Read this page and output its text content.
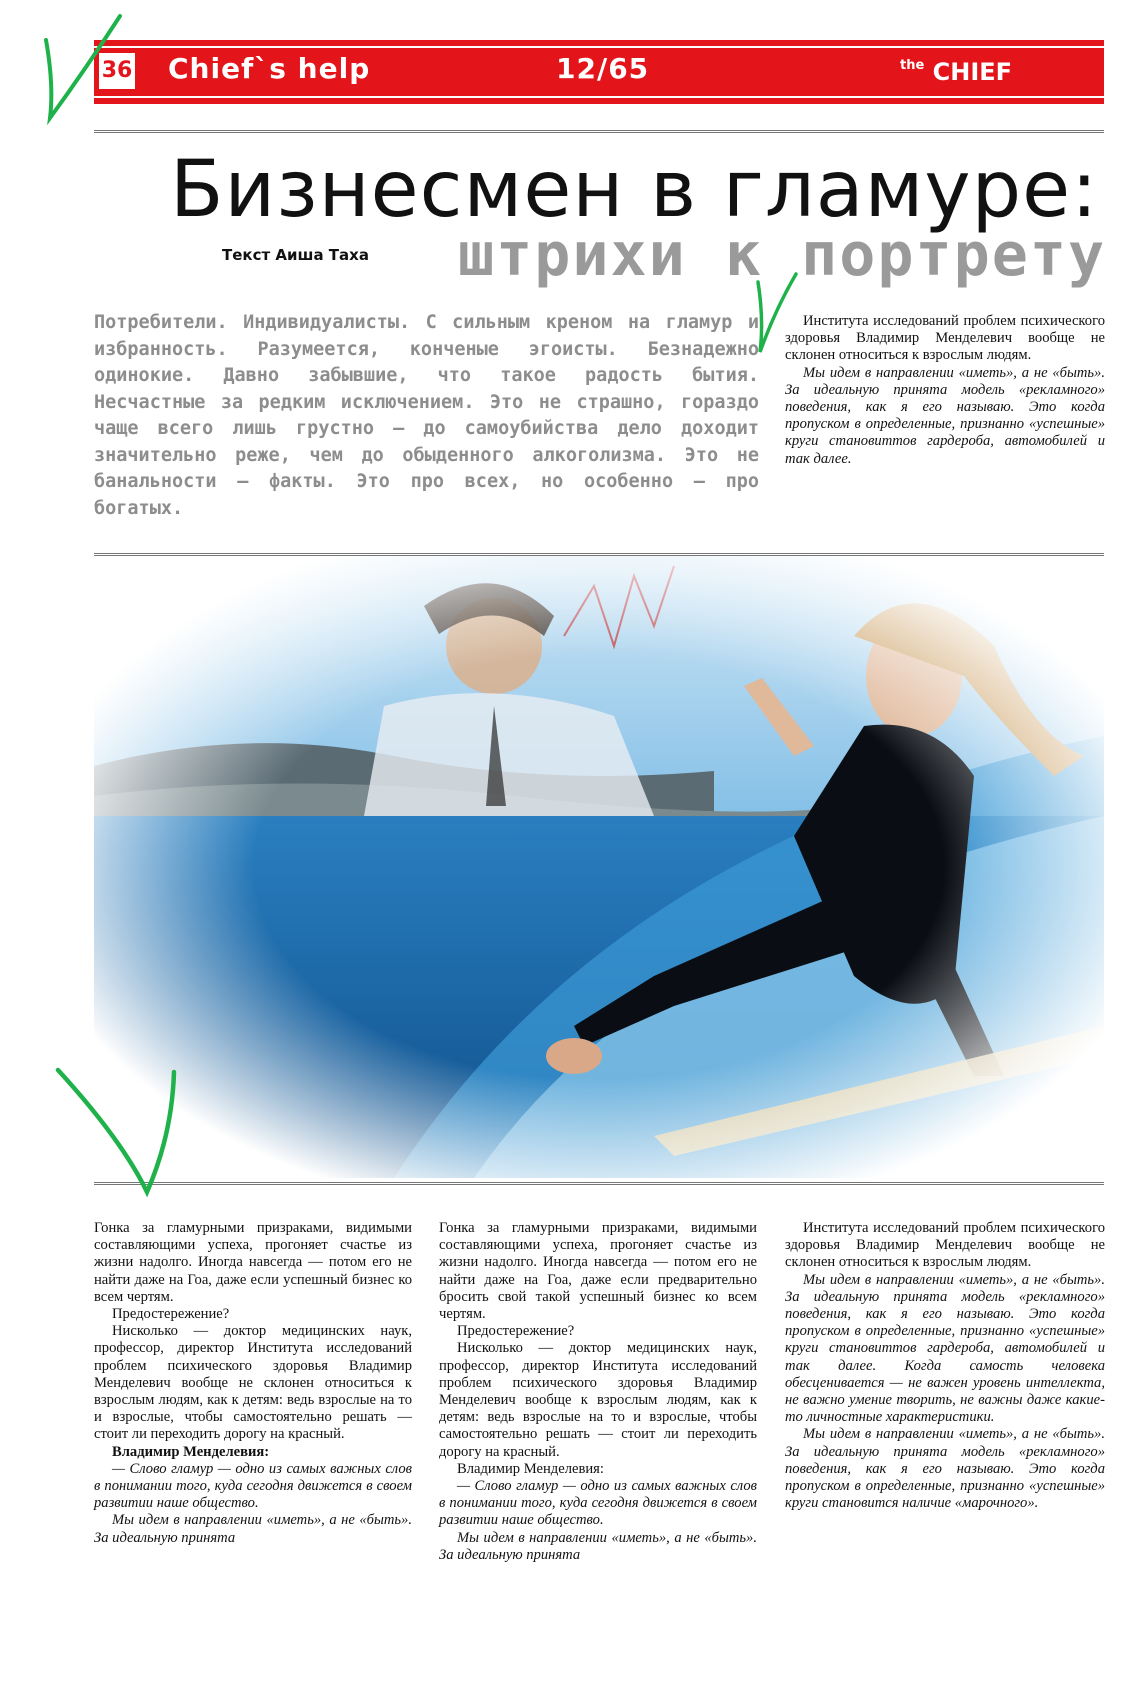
36 Chief`s help	12/65	$^{the}$ CHIEF
Бизнесмен в гламуре:
Текст Аиша Таха штрихи к портрету
Потребители. Индивидуалисты. С сильным креном на гламур и избранность. Разумеется, конченые эгоисты. Безнадежно одинокие. Давно забывшие, что такое радость бытия. Несчастные за редким исключением. Это не страшно, гораздо чаще всего лишь грустно — до самоубийства дело доходит значительно реже, чем до обыденного алкоголизма. Это не банальности — факты. Это про всех, но особенно — про богатых.

Института исследований проблем психического здоровья Владимир Менделевич вообще не склонен относиться к взрослым людям.

Мы идем в направлении «иметь», а не «быть». За идеальную принята модель «рекламного» поведения, как я его называю. Это когда пропуском в определенные, признанно «успешные» круги становиттов гардероба, автомобилей и так далее.

Гонка за гламурными призраками, видимыми составляющими успеха, прогоняет счастье из жизни надолго. Иногда навсегда — потом его не найти даже на Гоа, даже если успешный бизнес ко всем чертям.

Предостережение?

Нисколько — доктор медицинских наук, профессор, директор Института исследований проблем психического здоровья Владимир Менделевич вообще не склонен относиться к взрослым людям, как к детям: ведь взрослые на то и взрослые, чтобы самостоятельно решать — стоит ли переходить дорогу на красный.

Владимир Менделевия:

— Слово гламур — одно из самых важных слов в понимании того, куда сегодня движется в своем развитии наше общество.

Мы идем в направлении «иметь», а не «быть». За идеальную принята

Гонка за гламурными призраками, видимыми составляющими успеха, прогоняет счастье из жизни надолго. Иногда навсегда — потом его не найти даже на Гоа, даже если предварительно бросить свой такой успешный бизнес ко всем чертям.

Предостережение?

Нисколько — доктор медицинских наук, профессор, директор Института исследований проблем психического здоровья Владимир Менделевич вообще к взрослым людям, как к детям: ведь взрослые на то и взрослые, чтобы самостоятельно решать — стоит ли переходить дорогу на красный.

Владимир Менделевия:

— Слово гламур — одно из самых важных слов в понимании того, куда сегодня движется в своем развитии наше общество.

Мы идем в направлении «иметь», а не «быть». За идеальную принята

Института исследований проблем психического здоровья Владимир Менделевич вообще не склонен относиться к взрослым людям.

Мы идем в направлении «иметь», а не «быть». За идеальную принята модель «рекламного» поведения, как я его называю. Это когда пропуском в определенные, признанно «успешные» круги становиттов гардероба, автомобилей и так далее. Когда самость человека обесценивается — не важен уровень интеллекта, не важно умение творить, не важны даже какие-то личностные характеристики.

Мы идем в направлении «иметь», а не «быть». За идеальную принята модель «рекламного» поведения, как я его называю. Это когда пропуском в определенные, признанно «успешные» круги становится наличие «марочного».
